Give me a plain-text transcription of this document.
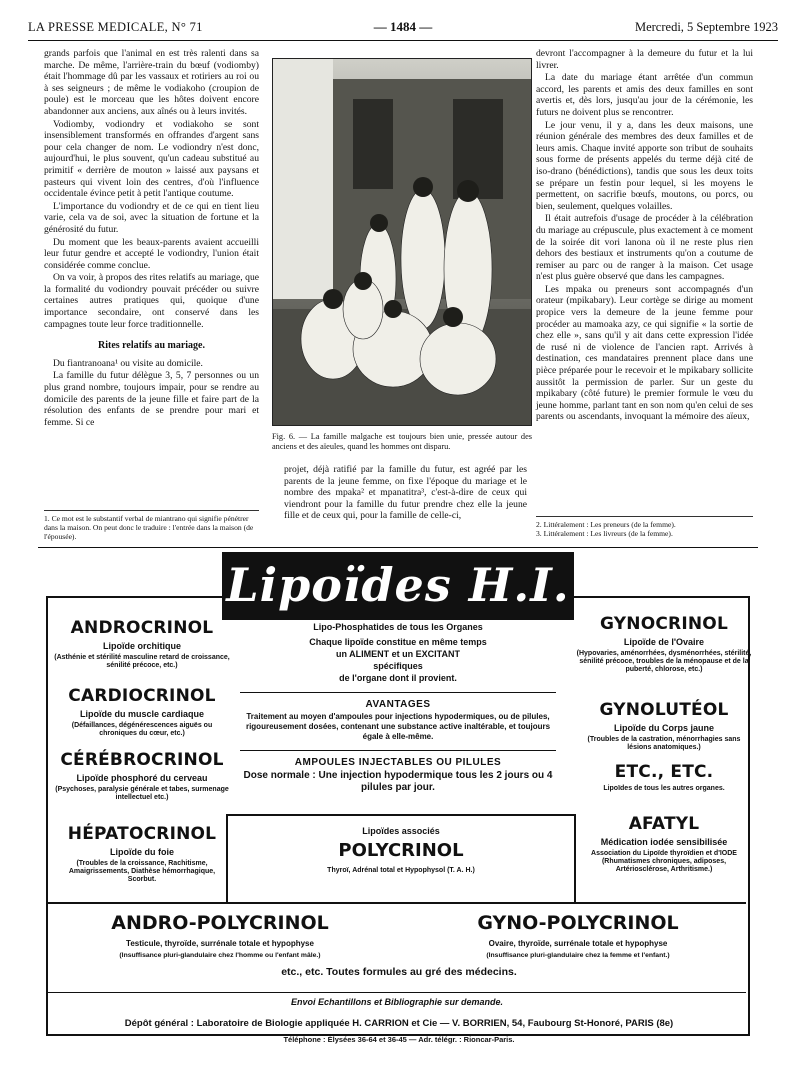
LA PRESSE MEDICALE, N° 71	— 1484 —	Mercredi, 5 Septembre 1923

grands parfois que l'animal en est très ralenti dans sa marche. De même, l'arrière-train du bœuf (vodiomby) était l'hommage dû par les vassaux et rotiriers au roi ou à ses seigneurs ; de même le vodiakoho (croupion de poule) est le morceau que les hôtes doivent encore abandonner aux anciens, aux aînés ou à leurs invités.

Vodiomby, vodiondry et vodiakoho se sont insensiblement transformés en offrandes d'argent sans pour cela changer de nom. Le vodiondry n'est donc, aujourd'hui, le plus souvent, qu'un cadeau substitué au primitif « derrière de mouton » laissé aux paysans et pasteurs qui vivent loin des centres, d'où l'influence occidentale évince petit à petit l'antique coutume.

L'importance du vodiondry et de ce qui en tient lieu varie, cela va de soi, avec la situation de fortune et la générosité du futur.

Du moment que les beaux-parents avaient accueilli leur futur gendre et accepté le vodiondry, l'union était considérée comme conclue.

On va voir, à propos des rites relatifs au mariage, que la formalité du vodiondry pouvait précéder ou suivre certaines autres pratiques qui, quoique d'une importance secondaire, ont conservé dans les campagnes toute leur force traditionnelle.

Rites relatifs au mariage.

Du fiantranoana¹ ou visite au domicile.

La famille du futur délègue 3, 5, 7 personnes ou un plus grand nombre, toujours impair, pour se rendre au domicile des parents de la jeune fille et faire part de la résolution des enfants de se prendre pour mari et femme. Si ce

1. Ce mot est le substantif verbal de miantrano qui signifie pénétrer dans la maison. On peut donc le traduire : l'entrée dans la maison (de l'épousée).
Fig. 6. — La famille malgache est toujours bien unie, pressée autour des anciens et des aïeules, quand les hommes ont disparu.

projet, déjà ratifié par la famille du futur, est agréé par les parents de la jeune femme, on fixe l'époque du mariage et le nombre des mpaka² et mpanatitra³, c'est-à-dire de ceux qui viendront pour la famille du futur prendre chez elle la jeune fille et de ceux qui, pour la famille de celle-ci,

devront l'accompagner à la demeure du futur et la lui livrer.

La date du mariage étant arrêtée d'un commun accord, les parents et amis des deux familles en sont avertis et, dès lors, jusqu'au jour de la cérémonie, les futurs ne doivent plus se rencontrer.

Le jour venu, il y a, dans les deux maisons, une réunion générale des membres des deux familles et de leurs amis. Chaque invité apporte son tribut de souhaits sous forme de présents appelés du terme déjà cité de iso-drano (bénédictions), tandis que sous les deux toits se prépare un festin pour lequel, si les moyens le permettent, on sacrifie bœufs, moutons, ou porcs, ou bien, seulement, quelques volailles.

Il était autrefois d'usage de procéder à la célébration du mariage au crépuscule, plus exactement à ce moment de la soirée dit vori lanona où il ne reste plus rien dehors des bestiaux et instruments qu'on a coutume de remiser au parc ou de ranger à la maison. Cet usage n'est plus guère observé que dans les campagnes.

Les mpaka ou preneurs sont accompagnés d'un orateur (mpikabary). Leur cortège se dirige au moment propice vers la demeure de la jeune femme pour procéder au mamoaka azy, ce qui signifie « la sortie de chez elle », sans qu'il y ait dans cette expression l'idée de rusé ni de violence de l'ancien rapt. Arrivés à destination, ces mandataires prennent place dans une pièce préparée pour le recevoir et le mpikabary sollicite aussitôt la permission de parler. Sur un geste du mpikabary (côté future) le premier formule le vœu du jeune homme, parlant tant en son nom qu'en celui de ses parents ou ascendants, invoquant la mémoire des aïeux,

2. Littéralement : Les preneurs (de la femme).
3. Littéralement : Les livreurs (de la femme).
Lipoïdes H.I.
Lipo-Phosphatides de tous les Organes
ANDROCRINOL
Lipoïde orchitique
(Asthénie et stérilité masculine retard de croissance, sénilité précoce, etc.)
CARDIOCRINOL
Lipoïde du muscle cardiaque
(Défaillances, dégénérescences aiguës ou chroniques du cœur, etc.)
CÉRÉBROCRINOL
Lipoïde phosphoré du cerveau
(Psychoses, paralysie générale et tabes, surmenage intellectuel etc.)
HÉPATOCRINOL
Lipoïde du foie
(Troubles de la croissance, Rachitisme, Amaigrissements, Diathèse hémorrhagique, Scorbut.
GYNOCRINOL
Lipoïde de l'Ovaire
(Hypovaries, aménorrhées, dysménorrhées, stérilité, sénilité précoce, troubles de la ménopause et de la puberté, chlorose, etc.)
GYNOLUTÉOL
Lipoïde du Corps jaune
(Troubles de la castration, ménorrhagies sans lésions anatomiques.)
ETC., ETC.
Lipoïdes de tous les autres organes.
AFATYL
Médication iodée sensibilisée
Association du Lipoïde thyroïdien et d'IODE (Rhumatismes chroniques, adiposes, Artériosclérose, Arthritisme.)
Chaque lipoïde constitue en même temps
un ALIMENT et un EXCITANT
spécifiques
de l'organe dont il provient.
AVANTAGES
Traitement au moyen d'ampoules pour injections hypodermiques, ou de pilules, rigoureusement dosées, contenant une substance active inaltérable, et toujours égale à elle-même.
AMPOULES INJECTABLES OU PILULES
Dose normale : Une injection hypodermique tous les 2 jours ou 4 pilules par jour.
Lipoïdes associés
POLYCRINOL
Thyroï, Adrénal total et Hypophysol (T. A. H.)
ANDRO-POLYCRINOL
Testicule, thyroïde, surrénale totale et hypophyse
(Insuffisance pluri-glandulaire chez l'homme ou l'enfant mâle.)
GYNO-POLYCRINOL
Ovaire, thyroïde, surrénale totale et hypophyse
(Insuffisance pluri-glandulaire chez la femme et l'enfant.)
etc., etc. Toutes formules au gré des médecins.
Envoi Echantillons et Bibliographie sur demande.
Dépôt général : Laboratoire de Biologie appliquée H. CARRION et Cie — V. BORRIEN, 54, Faubourg St-Honoré, PARIS (8e)
Téléphone : Élysées 36-64 et 36-45 — Adr. télégr. : Rioncar-Paris.
